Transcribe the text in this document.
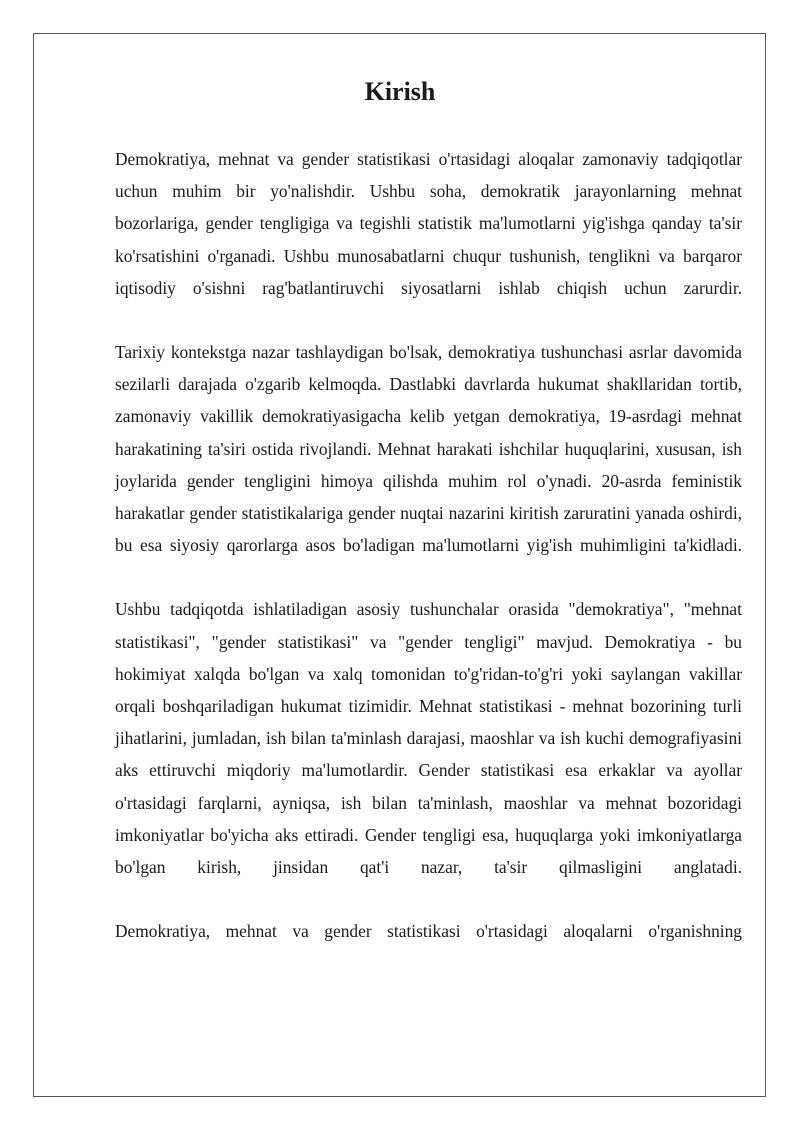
Kirish

Demokratiya, mehnat va gender statistikasi o'rtasidagi aloqalar zamonaviy tadqiqotlar uchun muhim bir yo'nalishdir. Ushbu soha, demokratik jarayonlarning mehnat bozorlariga, gender tengligiga va tegishli statistik ma'lumotlarni yig'ishga qanday ta'sir ko'rsatishini o'rganadi. Ushbu munosabatlarni chuqur tushunish, tenglikni va barqaror iqtisodiy o'sishni rag'batlantiruvchi siyosatlarni ishlab chiqish uchun zarurdir.

Tarixiy kontekstga nazar tashlaydigan bo'lsak, demokratiya tushunchasi asrlar davomida sezilarli darajada o'zgarib kelmoqda. Dastlabki davrlarda hukumat shakllaridan tortib, zamonaviy vakillik demokratiyasigacha kelib yetgan demokratiya, 19-asrdagi mehnat harakatining ta'siri ostida rivojlandi. Mehnat harakati ishchilar huquqlarini, xususan, ish joylarida gender tengligini himoya qilishda muhim rol o'ynadi. 20-asrda feministik harakatlar gender statistikalariga gender nuqtai nazarini kiritish zaruratini yanada oshirdi, bu esa siyosiy qarorlarga asos bo'ladigan ma'lumotlarni yig'ish muhimligini ta'kidladi.

Ushbu tadqiqotda ishlatiladigan asosiy tushunchalar orasida "demokratiya", "mehnat statistikasi", "gender statistikasi" va "gender tengligi" mavjud. Demokratiya - bu hokimiyat xalqda bo'lgan va xalq tomonidan to'g'ridan-to'g'ri yoki saylangan vakillar orqali boshqariladigan hukumat tizimidir. Mehnat statistikasi - mehnat bozorining turli jihatlarini, jumladan, ish bilan ta'minlash darajasi, maoshlar va ish kuchi demografiyasini aks ettiruvchi miqdoriy ma'lumotlardir. Gender statistikasi esa erkaklar va ayollar o'rtasidagi farqlarni, ayniqsa, ish bilan ta'minlash, maoshlar va mehnat bozoridagi imkoniyatlar bo'yicha aks ettiradi. Gender tengligi esa, huquqlarga yoki imkoniyatlarga bo'lgan kirish, jinsidan qat'i nazar, ta'sir qilmasligini anglatadi.

Demokratiya, mehnat va gender statistikasi o'rtasidagi aloqalarni o'rganishning
